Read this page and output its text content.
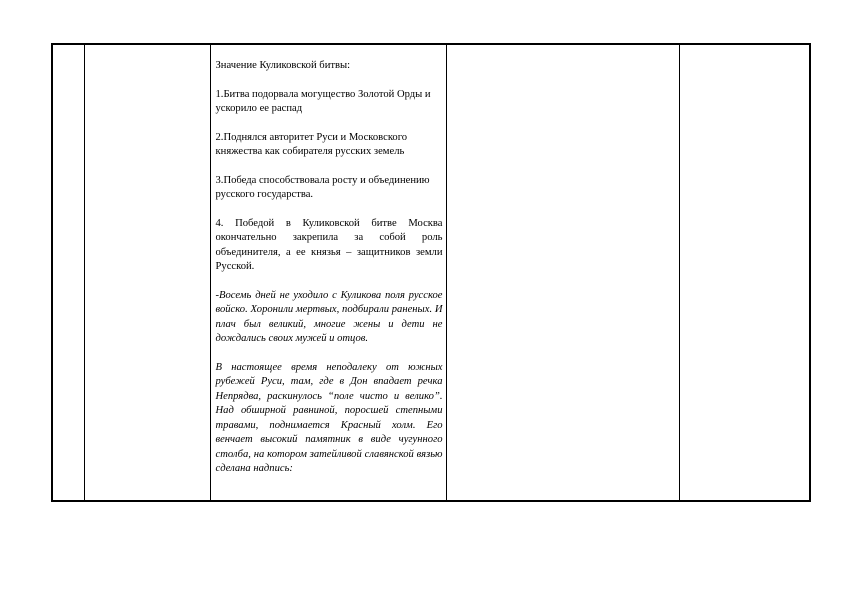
Значение Куликовской битвы:

1.Битва подорвала могущество Золотой Орды и ускорило ее распад

2.Поднялся авторитет Руси и Московского княжества как собирателя русских земель

3.Победа способствовала росту и объединению русского государства.

4. Победой в Куликовской битве Москва окончательно закрепила за собой роль объединителя, а ее князья – защитников земли Русской.

-Восемь дней не уходило с Куликова поля русское войско. Хоронили мертвых, подбирали раненых. И плач был великий, многие жены и дети не дождались своих мужей и отцов.

В настоящее время неподалеку от южных рубежей Руси, там, где в Дон впадает речка Непрядва, раскинулось “поле чисто и велико”. Над обширной равниной, поросшей степными травами, поднимается Красный холм. Его венчает высокий памятник в виде чугунного столба, на котором затейливой славянской вязью сделана надпись:
